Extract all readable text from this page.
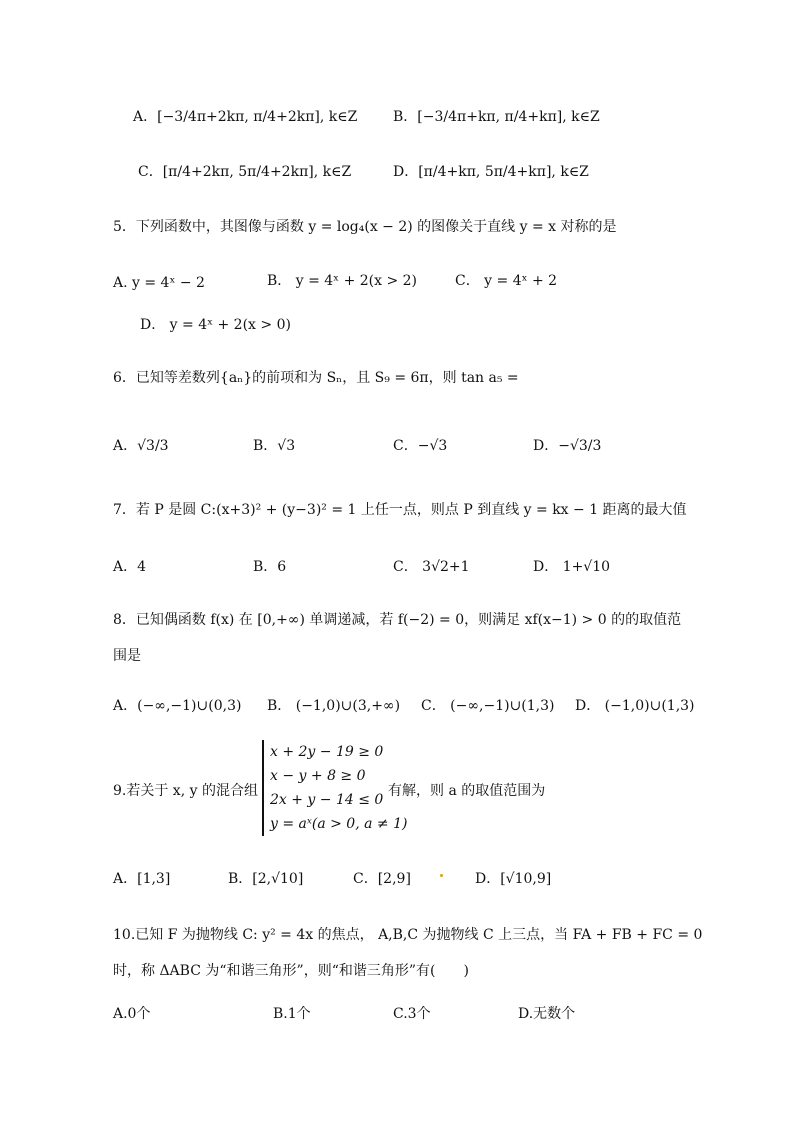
A．[−3/4π+2kπ, π/4+2kπ], k∈Z	B．[−3/4π+kπ, π/4+kπ], k∈Z
C．[π/4+2kπ, 5π/4+2kπ], k∈Z	D．[π/4+kπ, 5π/4+kπ], k∈Z
5．下列函数中，其图像与函数 y = log₄(x − 2) 的图像关于直线 y = x 对称的是
A. y = 4ˣ − 2	B． y = 4ˣ + 2(x > 2)	C． y = 4ˣ + 2
D． y = 4ˣ + 2(x > 0)
6．已知等差数列{aₙ}的前项和为 Sₙ，且 S₉ = 6π，则 tan a₅ =
A．√3/3	B．√3	C．−√3	D．−√3/3
7．若 P 是圆 C:(x+3)² + (y−3)² = 1 上任一点，则点 P 到直线 y = kx − 1 距离的最大值
A．4	B．6	C． 3√2+1	D． 1+√10
8．已知偶函数 f(x) 在 [0,+∞) 单调递减，若 f(−2) = 0，则满足 xf(x−1) > 0 的的取值范
围是
A．(−∞,−1)∪(0,3) B． (−1,0)∪(3,+∞) C． (−∞,−1)∪(1,3) D． (−1,0)∪(1,3)
9.若关于 x, y 的混合组
x + 2y − 19 ≥ 0
x − y + 8 ≥ 0
2x + y − 14 ≤ 0
y = aˣ(a > 0, a ≠ 1)
有解，则 a 的取值范围为
A．[1,3]	B．[2,√10]	C．[2,9]	D．[√10,9]
10.已知 F 为抛物线 C: y² = 4x 的焦点， A,B,C 为抛物线 C 上三点，当 FA + FB + FC = 0
时，称 ΔABC 为“和谐三角形”，则“和谐三角形”有(　　)
A.0个	B.1个	C.3个	D.无数个
